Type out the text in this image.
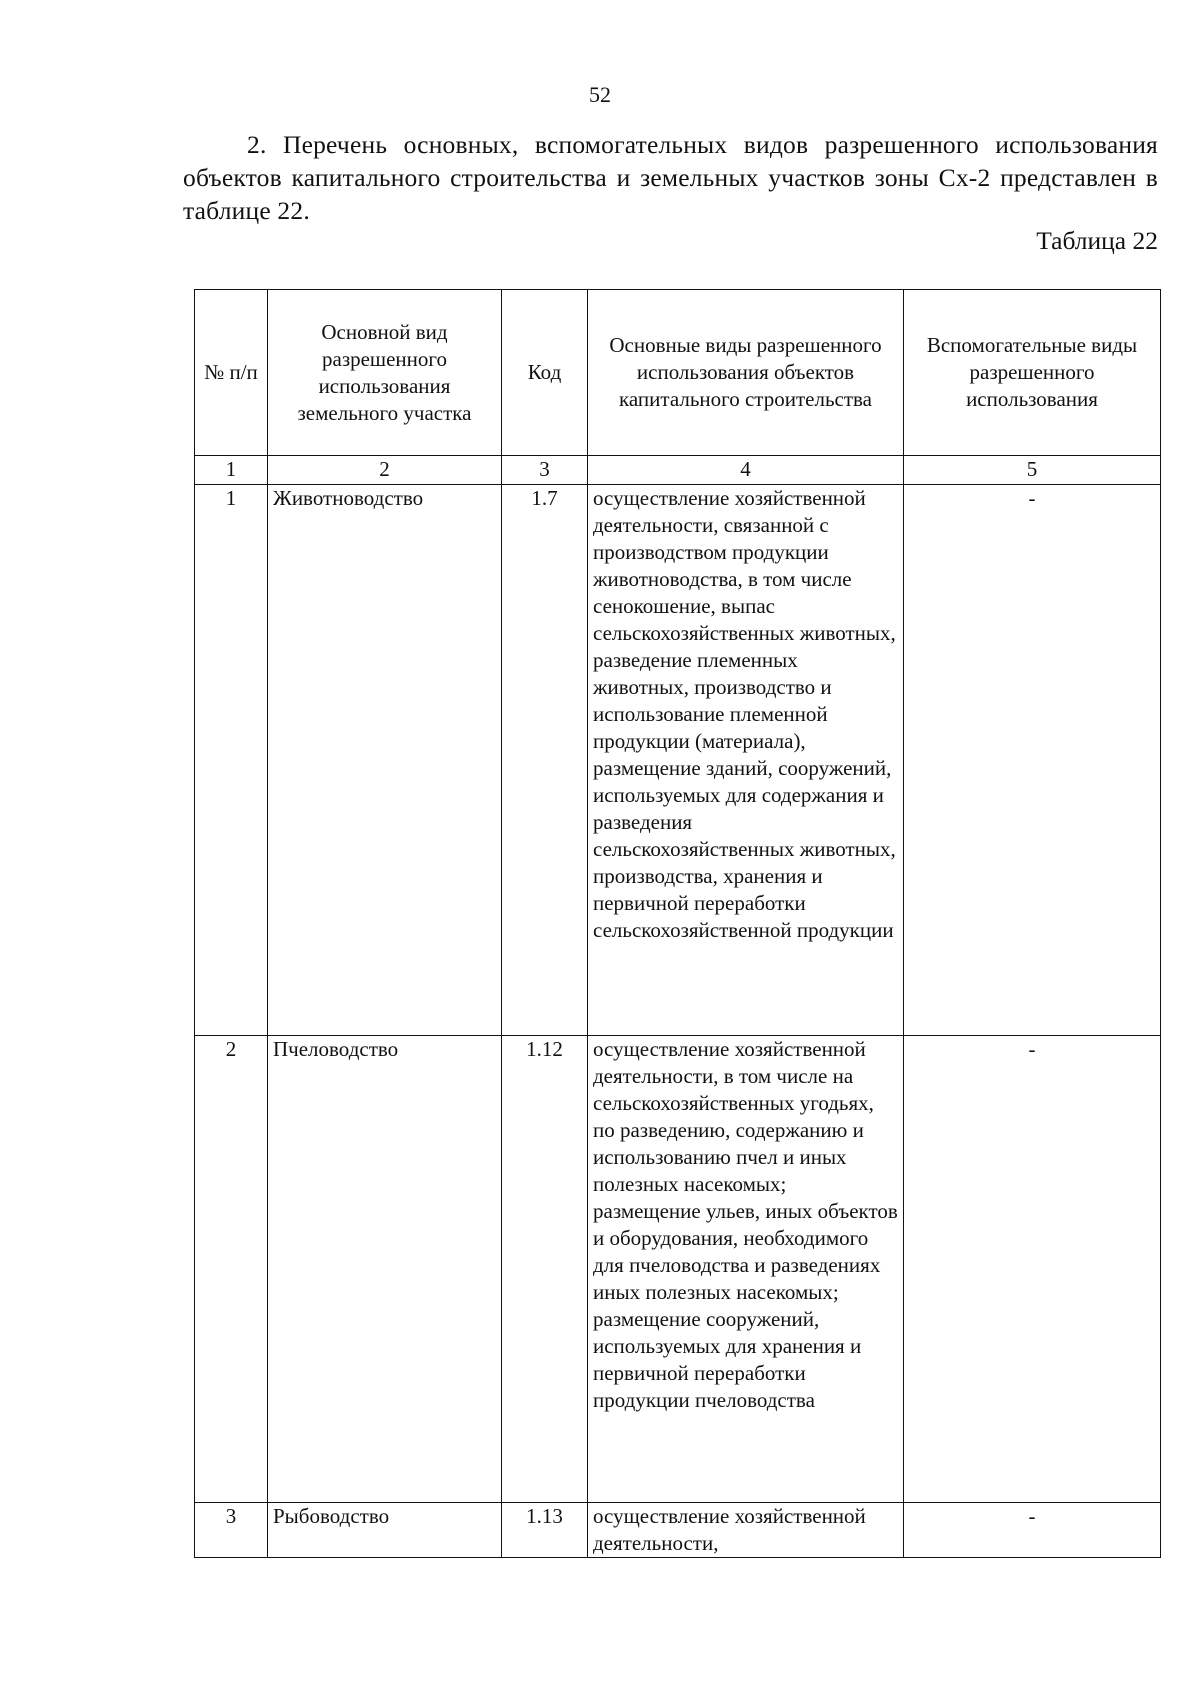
52
2. Перечень основных, вспомогательных видов разрешенного использования объектов капитального строительства и земельных участков зоны Сх-2 представлен в таблице 22.
Таблица 22
№ п/п	Основной вид разрешенного использования земельного участка	Код	Основные виды разрешенного использования объектов капитального строительства	Вспомогательные виды разрешенного использования
1	2	3	4	5
1	Животноводство	1.7	осуществление хозяйственной деятельности, связанной с производством продукции животноводства, в том числе сенокошение, выпас сельскохозяйственных животных, разведение племенных животных, производство и использование племенной продукции (материала), размещение зданий, сооружений, используемых для содержания и разведения сельскохозяйственных животных, производства, хранения и первичной переработки сельскохозяйственной продукции	-
2	Пчеловодство	1.12	осуществление хозяйственной деятельности, в том числе на сельскохозяйственных угодьях, по разведению, содержанию и использованию пчел и иных полезных насекомых; размещение ульев, иных объектов и оборудования, необходимого для пчеловодства и разведениях иных полезных насекомых; размещение сооружений, используемых для хранения и первичной переработки продукции пчеловодства	-
3	Рыбоводство	1.13	осуществление хозяйственной деятельности,	-
